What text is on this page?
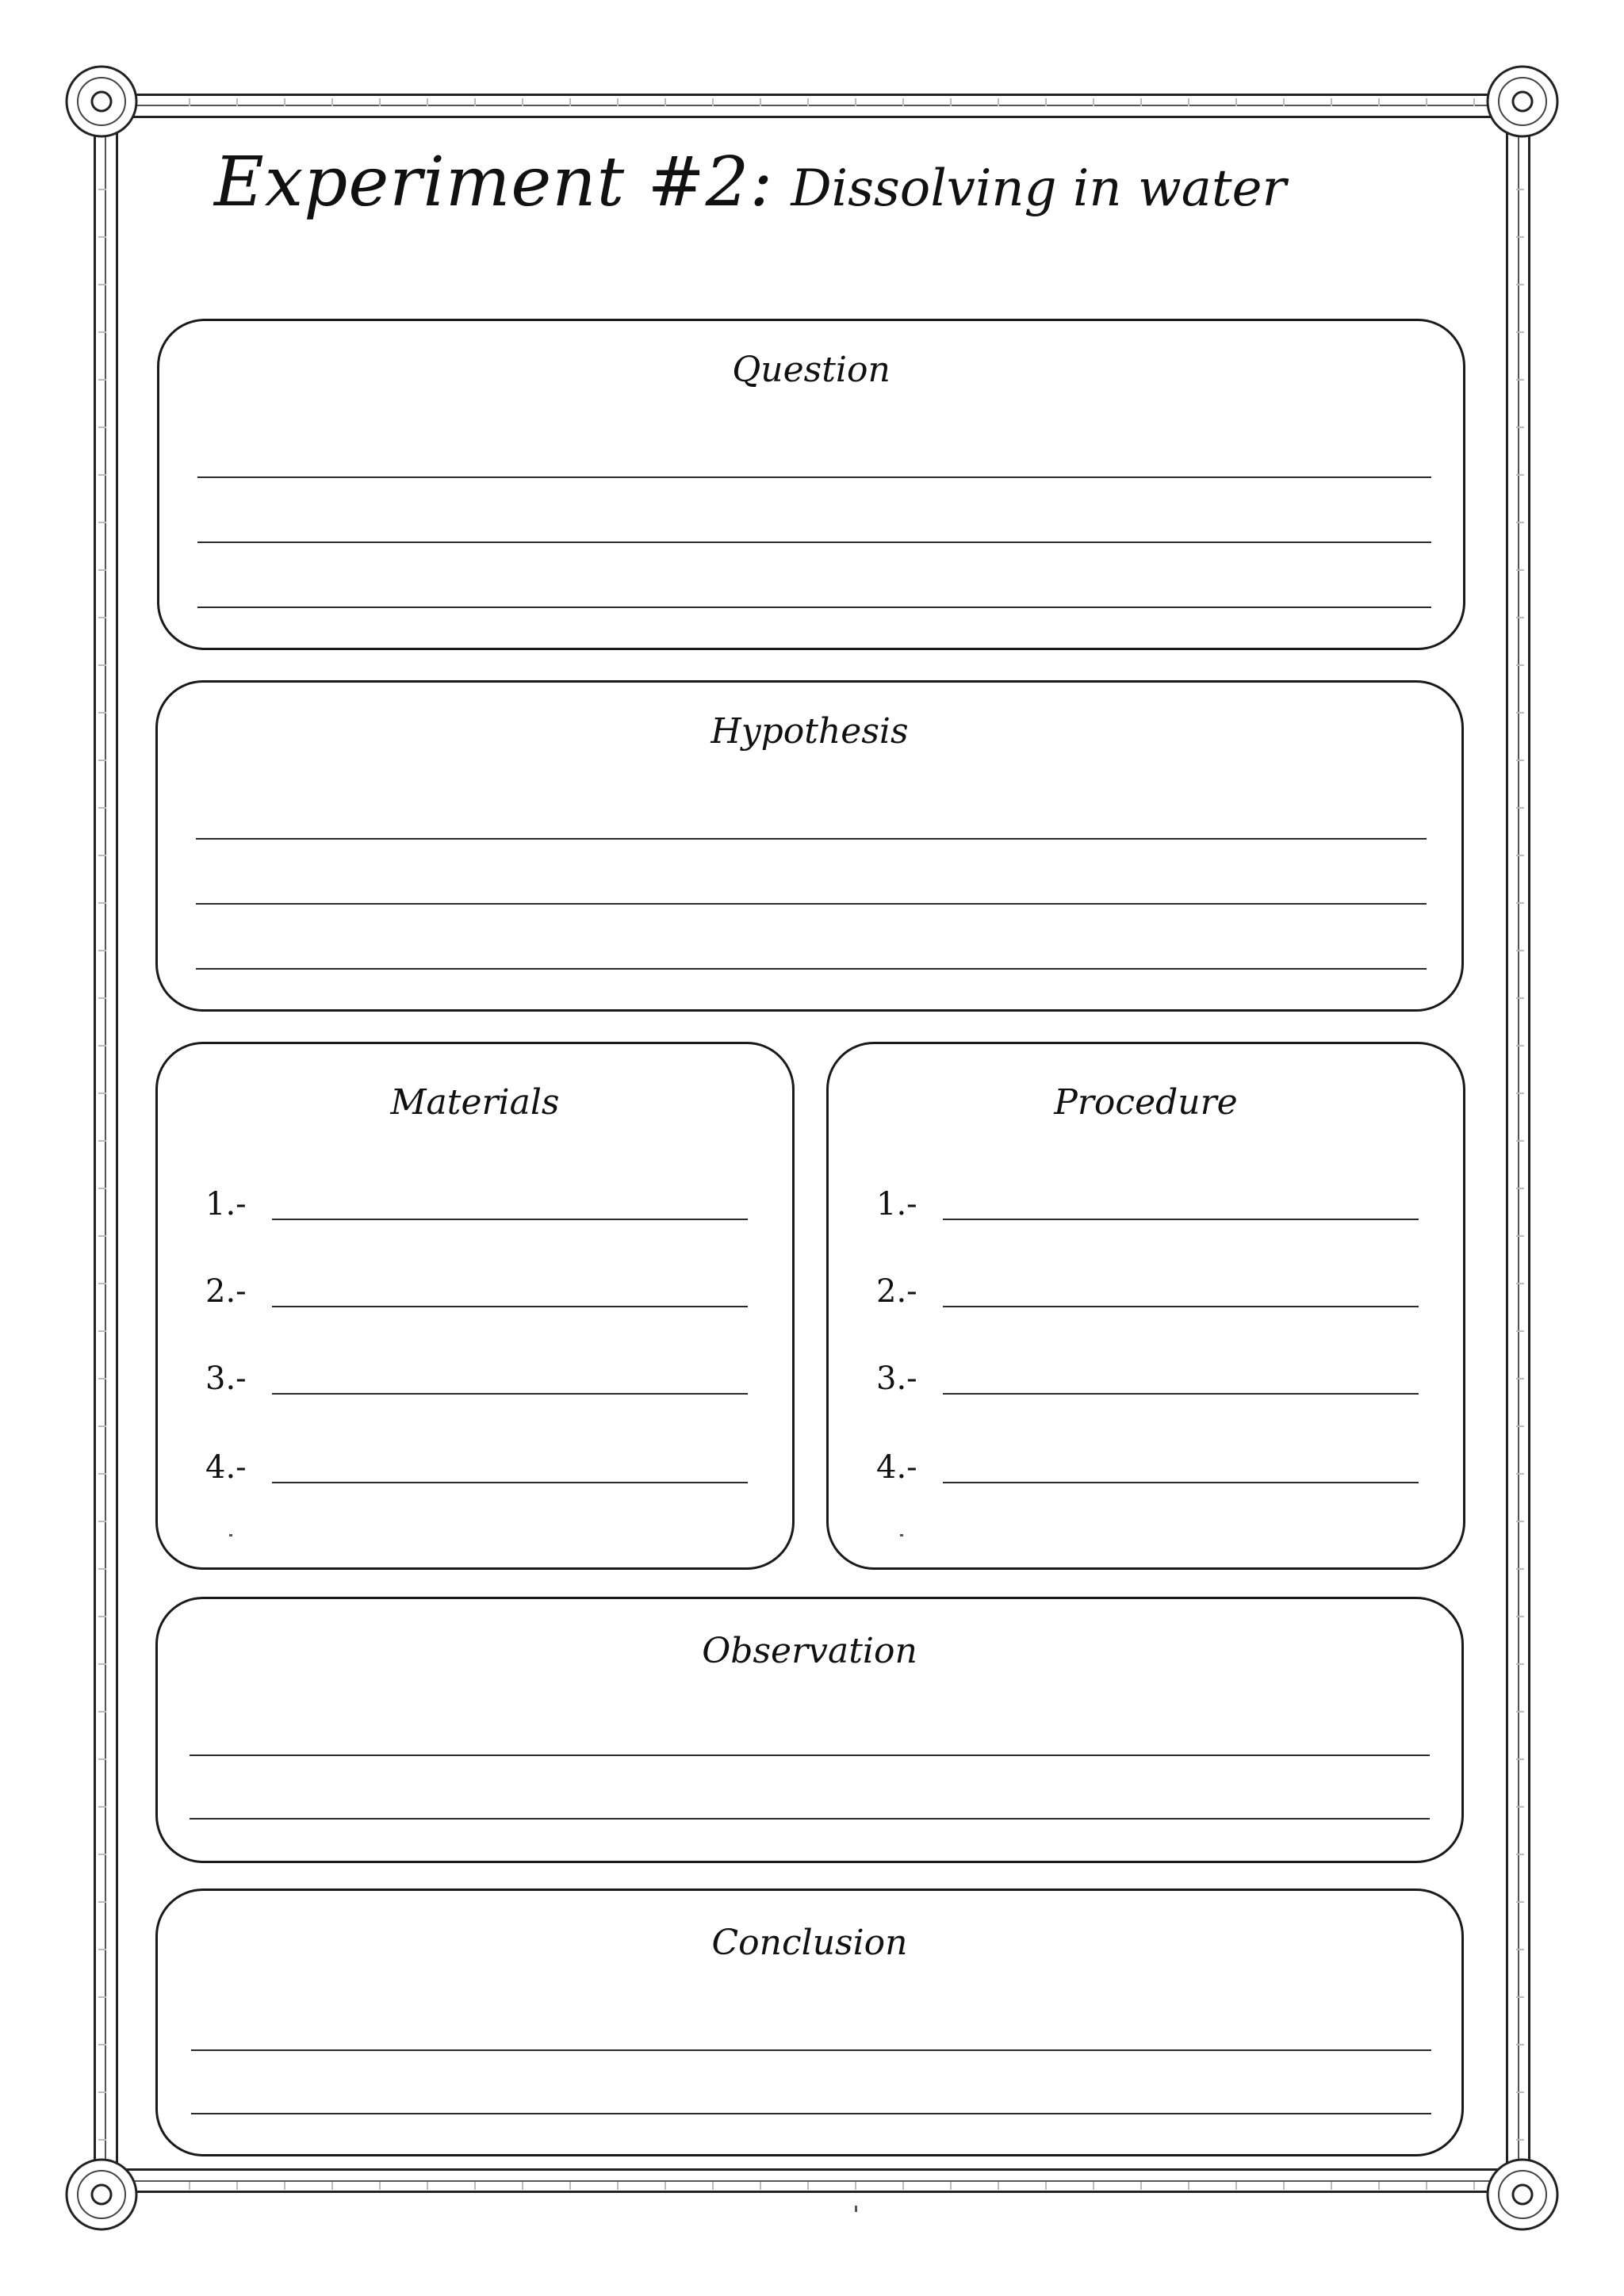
Experiment #2: Dissolving in water
Question
Hypothesis
Materials
1.-
2.-
3.-
4.-
Procedure
1.-
2.-
3.-
4.-
Observation
Conclusion
